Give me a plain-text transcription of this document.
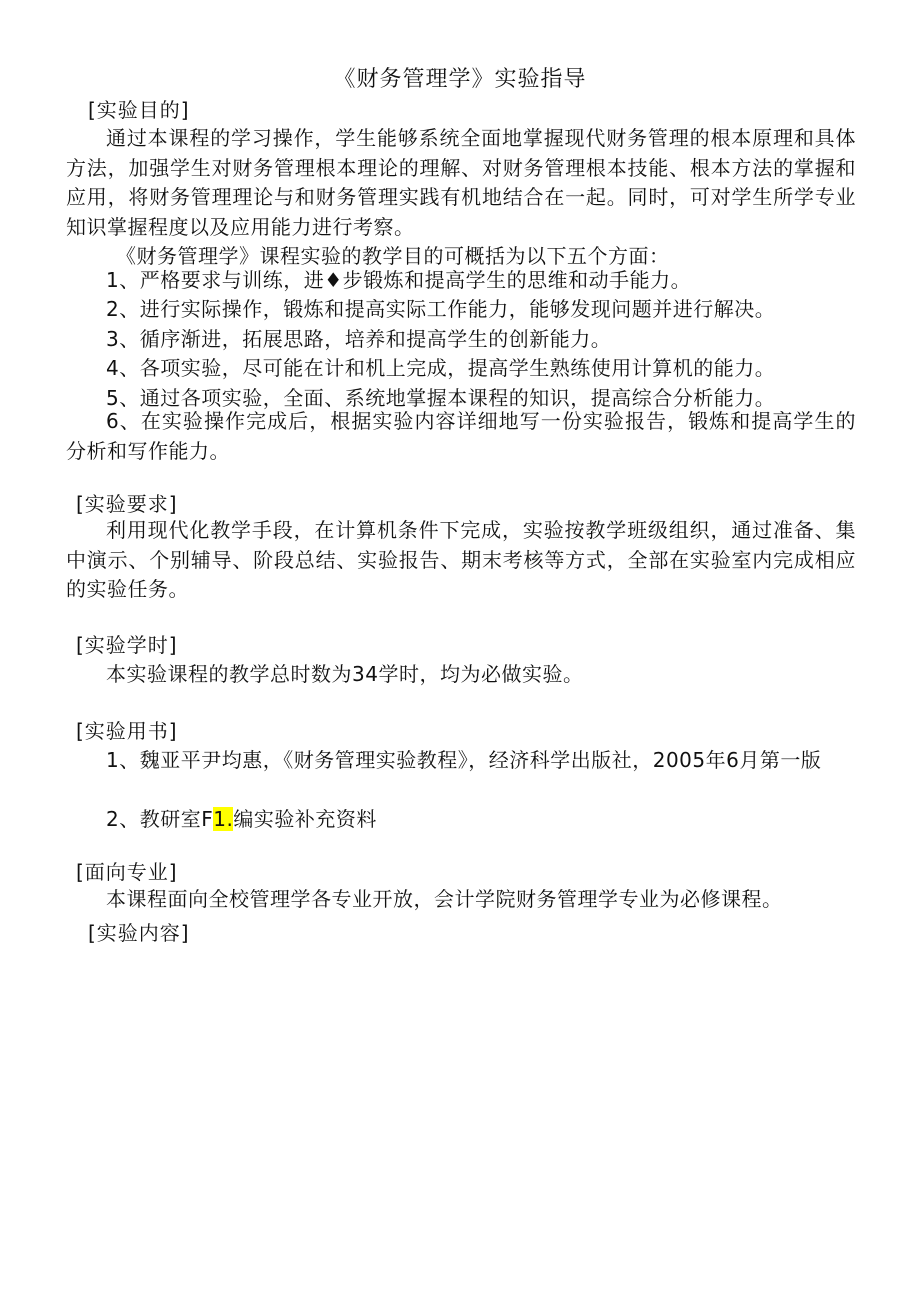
《财务管理学》实验指导
[实验目的]
通过本课程的学习操作，学生能够系统全面地掌握现代财务管理的根本原理和具体方法，加强学生对财务管理根本理论的理解、对财务管理根本技能、根本方法的掌握和应用，将财务管理理论与和财务管理实践有机地结合在一起。同时，可对学生所学专业知识掌握程度以及应用能力进行考察。
《财务管理学》课程实验的教学目的可概括为以下五个方面：
1、严格要求与训练，进♦步锻炼和提高学生的思维和动手能力。
2、进行实际操作，锻炼和提高实际工作能力，能够发现问题并进行解决。
3、循序渐进，拓展思路，培养和提高学生的创新能力。
4、各项实验，尽可能在计和机上完成，提高学生熟练使用计算机的能力。
5、通过各项实验，全面、系统地掌握本课程的知识，提高综合分析能力。
6、在实验操作完成后，根据实验内容详细地写一份实验报告，锻炼和提高学生的分析和写作能力。
[实验要求]
利用现代化教学手段，在计算机条件下完成，实验按教学班级组织，通过准备、集中演示、个别辅导、阶段总结、实验报告、期末考核等方式，全部在实验室内完成相应的实验任务。
[实验学时]
本实验课程的教学总时数为34学时，均为必做实验。
[实验用书]
1、魏亚平尹均惠，《财务管理实验教程》，经济科学出版社，2005年6月第一版
2、教研室F1.编实验补充资料
[面向专业]
本课程面向全校管理学各专业开放，会计学院财务管理学专业为必修课程。
[实验内容]
